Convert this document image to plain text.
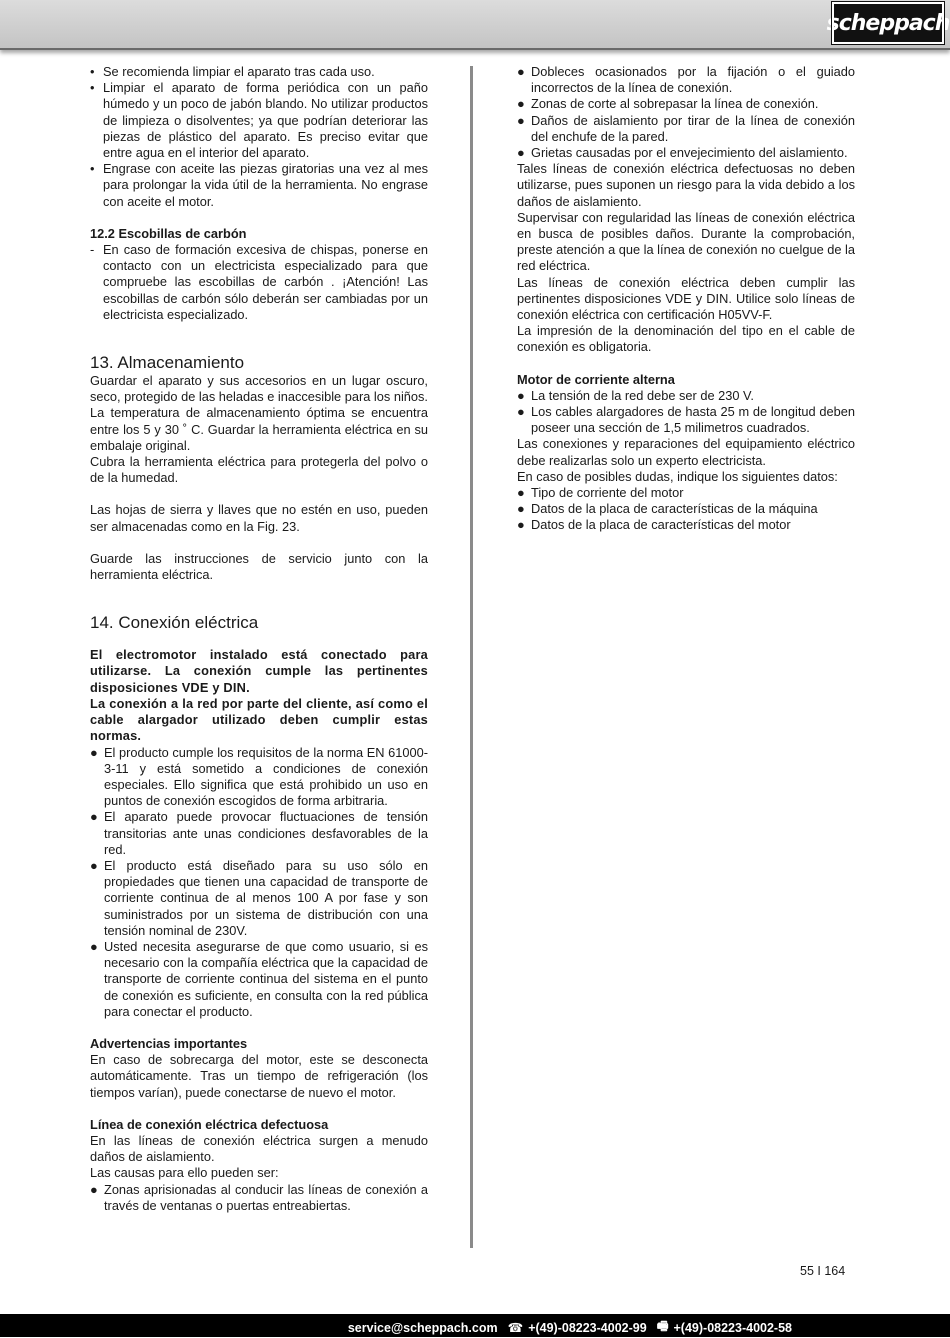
scheppach
• Se recomienda limpiar el aparato tras cada uso.
• Limpiar el aparato de forma periódica con un paño húmedo y un poco de jabón blando. No utilizar productos de limpieza o disolventes; ya que podrían deteriorar las piezas de plástico del aparato. Es preciso evitar que entre agua en el interior del aparato.
• Engrase con aceite las piezas giratorias una vez al mes para prolongar la vida útil de la herramienta. No engrase con aceite el motor.
12.2 Escobillas de carbón
- En caso de formación excesiva de chispas, ponerse en contacto con un electricista especializado para que compruebe las escobillas de carbón . ¡Atención! Las escobillas de carbón sólo deberán ser cambiadas por un electricista especializado.
13. Almacenamiento

Guardar el aparato y sus accesorios en un lugar oscuro, seco, protegido de las heladas e inaccesible para los niños. La temperatura de almacenamiento óptima se encuentra entre los 5 y 30 ˚ C. Guardar la herramienta eléctrica en su embalaje original.

Cubra la herramienta eléctrica para protegerla del polvo o de la humedad.

Las hojas de sierra y llaves que no estén en uso, pueden ser almacenadas como en la Fig. 23.

Guarde las instrucciones de servicio junto con la herramienta eléctrica.

14. Conexión eléctrica

El electromotor instalado está conectado para utilizarse. La conexión cumple las pertinentes disposiciones VDE y DIN.

La conexión a la red por parte del cliente, así como el cable alargador utilizado deben cumplir estas normas.

● El producto cumple los requisitos de la norma EN 61000-3-11 y está sometido a condiciones de conexión especiales. Ello significa que está prohibido un uso en puntos de conexión escogidos de forma arbitraria.
● El aparato puede provocar fluctuaciones de tensión transitorias ante unas condiciones desfavorables de la red.
● El producto está diseñado para su uso sólo en propiedades que tienen una capacidad de transporte de corriente continua de al menos 100 A por fase y son suministrados por un sistema de distribución con una tensión nominal de 230V.
● Usted necesita asegurarse de que como usuario, si es necesario con la compañía eléctrica que la capacidad de transporte de corriente continua del sistema en el punto de conexión es suficiente, en consulta con la red pública para conectar el producto.
Advertencias importantes

En caso de sobrecarga del motor, este se desconecta automáticamente. Tras un tiempo de refrigeración (los tiempos varían), puede conectarse de nuevo el motor.

Línea de conexión eléctrica defectuosa

En las líneas de conexión eléctrica surgen a menudo daños de aislamiento.

Las causas para ello pueden ser:

● Zonas aprisionadas al conducir las líneas de conexión a través de ventanas o puertas entreabiertas.
● Dobleces ocasionados por la fijación o el guiado incorrectos de la línea de conexión.
● Zonas de corte al sobrepasar la línea de conexión.
● Daños de aislamiento por tirar de la línea de conexión del enchufe de la pared.
● Grietas causadas por el envejecimiento del aislamiento.

Tales líneas de conexión eléctrica defectuosas no deben utilizarse, pues suponen un riesgo para la vida debido a los daños de aislamiento.

Supervisar con regularidad las líneas de conexión eléctrica en busca de posibles daños. Durante la comprobación, preste atención a que la línea de conexión no cuelgue de la red eléctrica.

Las líneas de conexión eléctrica deben cumplir las pertinentes disposiciones VDE y DIN. Utilice solo líneas de conexión eléctrica con certificación H05VV-F.

La impresión de la denominación del tipo en el cable de conexión es obligatoria.

Motor de corriente alterna
● La tensión de la red debe ser de 230 V.
● Los cables alargadores de hasta 25 m de longitud deben poseer una sección de 1,5 milimetros cuadrados.

Las conexiones y reparaciones del equipamiento eléctrico debe realizarlas solo un experto electricista.

En caso de posibles dudas, indique los siguientes datos:

● Tipo de corriente del motor
● Datos de la placa de características de la máquina
● Datos de la placa de características del motor
55 I 164
service@scheppach.com ☎ +(49)-08223-4002-99 🖷 +(49)-08223-4002-58
